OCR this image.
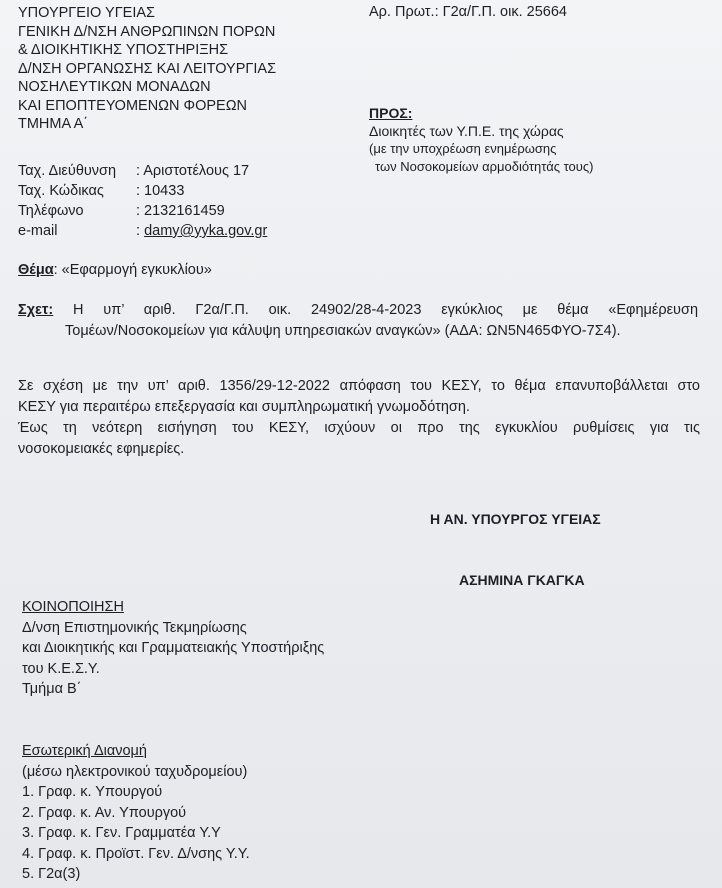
ΥΠΟΥΡΓΕΙΟ ΥΓΕΙΑΣ
ΓΕΝΙΚΗ Δ/ΝΣΗ ΑΝΘΡΩΠΙΝΩΝ ΠΟΡΩΝ
& ΔΙΟΙΚΗΤΙΚΗΣ ΥΠΟΣΤΗΡΙΞΗΣ
Δ/ΝΣΗ ΟΡΓΑΝΩΣΗΣ ΚΑΙ ΛΕΙΤΟΥΡΓΙΑΣ
ΝΟΣΗΛΕΥΤΙΚΩΝ ΜΟΝΑΔΩΝ
ΚΑΙ ΕΠΟΠΤΕΥΟΜΕΝΩΝ ΦΟΡΕΩΝ
ΤΜΗΜΑ Α΄
Αρ. Πρωτ.: Γ2α/Γ.Π. οικ. 25664
ΠΡΟΣ:
Διοικητές των Υ.Π.Ε. της χώρας
(με την υποχρέωση ενημέρωσης
των Νοσοκομείων αρμοδιότητάς τους)
Ταχ. Διεύθυνση	: Αριστοτέλους 17
Ταχ. Κώδικας	: 10433
Τηλέφωνο	: 2132161459
e-mail	: damy@yyka.gov.gr
Θέμα: «Εφαρμογή εγκυκλίου»
Σχετ: Η υπ’ αριθ. Γ2α/Γ.Π. οικ. 24902/28-4-2023 εγκύκλιος με θέμα «Εφημέρευση
Τομέων/Νοσοκομείων για κάλυψη υπηρεσιακών αναγκών» (ΑΔΑ: ΩΝ5Ν465ΦΥΟ-7Σ4).
Σε σχέση με την υπ’ αριθ. 1356/29-12-2022 απόφαση του ΚΕΣΥ, το θέμα επανυποβάλλεται στο
ΚΕΣΥ για περαιτέρω επεξεργασία και συμπληρωματική γνωμοδότηση.
Έως τη νεότερη εισήγηση του ΚΕΣΥ, ισχύουν οι προ της εγκυκλίου ρυθμίσεις για τις
νοσοκομειακές εφημερίες.
Η ΑΝ. ΥΠΟΥΡΓΟΣ ΥΓΕΙΑΣ
ΑΣΗΜΙΝΑ ΓΚΑΓΚΑ
ΚΟΙΝΟΠΟΙΗΣΗ
Δ/νση Επιστημονικής Τεκμηρίωσης
και Διοικητικής και Γραμματειακής Υποστήριξης
του Κ.Ε.Σ.Υ.
Τμήμα Β΄
Εσωτερική Διανομή
(μέσω ηλεκτρονικού ταχυδρομείου)
1. Γραφ. κ. Υπουργού
2. Γραφ. κ. Αν. Υπουργού
3. Γραφ. κ. Γεν. Γραμματέα Υ.Υ
4. Γραφ. κ. Προϊστ. Γεν. Δ/νσης Υ.Υ.
5. Γ2α(3)
